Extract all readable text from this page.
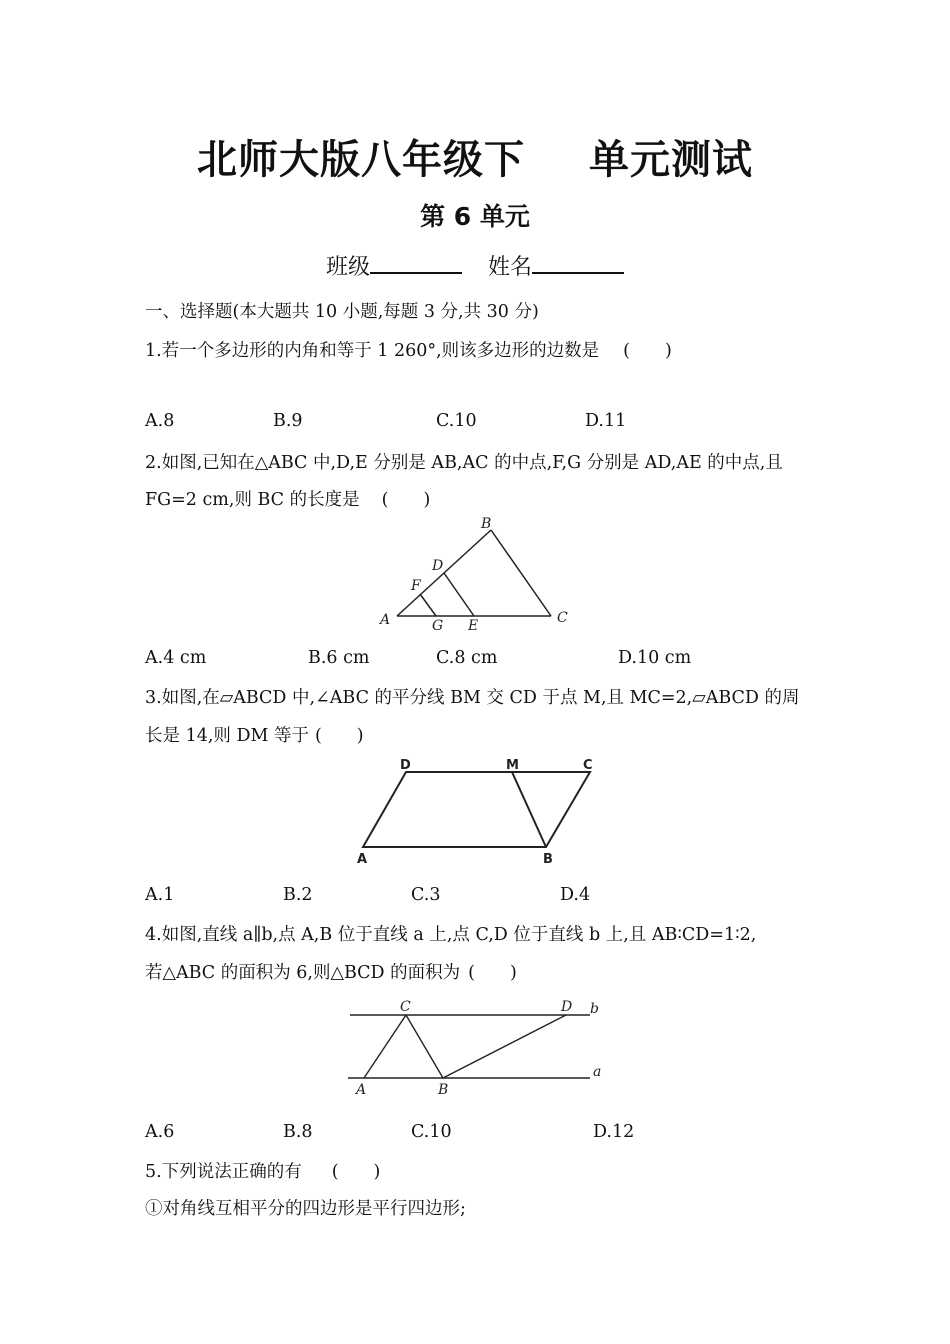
北师大版八年级下 单元测试
第 6 单元
班级	姓名
一、选择题(本大题共 10 小题,每题 3 分,共 30 分)
1.若一个多边形的内角和等于 1 260°,则该多边形的边数是 (　　)
A.8	B.9	C.10	D.11
2.如图,已知在△ABC 中,D,E 分别是 AB,AC 的中点,F,G 分别是 AD,AE 的中点,且
FG=2 cm,则 BC 的长度是 (　　)
A
B
C
D
E
F
G
A.4 cm	B.6 cm	C.8 cm	D.10 cm
3.如图,在▱ABCD 中,∠ABC 的平分线 BM 交 CD 于点 M,且 MC=2,▱ABCD 的周
长是 14,则 DM 等于 (　　)
A	B
C
D	M
A.1	B.2	C.3	D.4
4.如图,直线 a∥b,点 A,B 位于直线 a 上,点 C,D 位于直线 b 上,且 AB∶CD=1∶2,
若△ABC 的面积为 6,则△BCD 的面积为 (　　)
A	B
C	D
a
b
A.6	B.8	C.10	D.12
5.下列说法正确的有 (　　)
①对角线互相平分的四边形是平行四边形;
